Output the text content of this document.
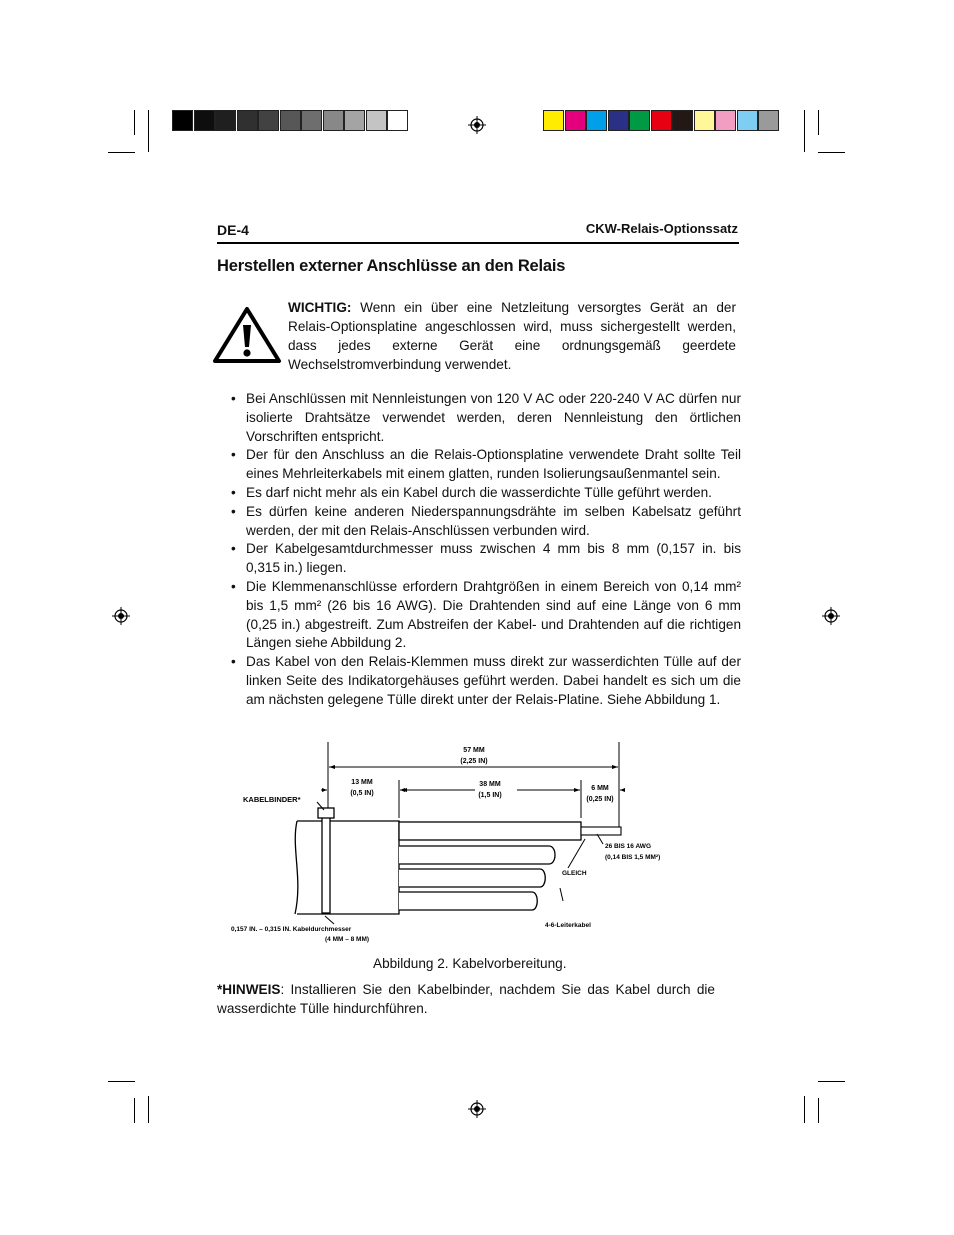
DE-4	CKW-Relais-Optionssatz
Herstellen externer Anschlüsse an den Relais
WICHTIG: Wenn ein über eine Netzleitung versorgtes Gerät an der Relais-Optionsplatine angeschlossen wird, muss sichergestellt werden, dass jedes externe Gerät eine ordnungsgemäß geerdete Wechselstromverbindung verwendet.
• Bei Anschlüssen mit Nennleistungen von 120 V AC oder 220-240 V AC dürfen nur isolierte Drahtsätze verwendet werden, deren Nennleistung den örtlichen Vorschriften entspricht.
• Der für den Anschluss an die Relais-Optionsplatine verwendete Draht sollte Teil eines Mehrleiterkabels mit einem glatten, runden Isolierungsaußenmantel sein.
• Es darf nicht mehr als ein Kabel durch die wasserdichte Tülle geführt werden.
• Es dürfen keine anderen Niederspannungsdrähte im selben Kabelsatz geführt werden, der mit den Relais-Anschlüssen verbunden wird.
• Der Kabelgesamtdurchmesser muss zwischen 4 mm bis 8 mm (0,157 in. bis 0,315 in.) liegen.
• Die Klemmenanschlüsse erfordern Drahtgrößen in einem Bereich von 0,14 mm² bis 1,5 mm² (26 bis 16 AWG). Die Drahtenden sind auf eine Länge von 6 mm (0,25 in.) abgestreift. Zum Abstreifen der Kabel- und Drahtenden auf die richtigen Längen siehe Abbildung 2.
• Das Kabel von den Relais-Klemmen muss direkt zur wasserdichten Tülle auf der linken Seite des Indikatorgehäuses geführt werden. Dabei handelt es sich um die am nächsten gelegene Tülle direkt unter der Relais-Platine. Siehe Abbildung 1.
57 MM
(2,25 IN)
13 MM
(0,5 IN)
38 MM
(1,5 IN)
6 MM
(0,25 IN)
KABELBINDER*
26 BIS 16 AWG
(0,14 BIS 1,5 MM²)
GLEICH
4-6-Leiterkabel
0,157 IN. – 0,315 IN. Kabeldurchmesser
(4 MM – 8 MM)
Abbildung 2. Kabelvorbereitung.
*HINWEIS: Installieren Sie den Kabelbinder, nachdem Sie das Kabel durch die wasserdichte Tülle hindurchführen.
